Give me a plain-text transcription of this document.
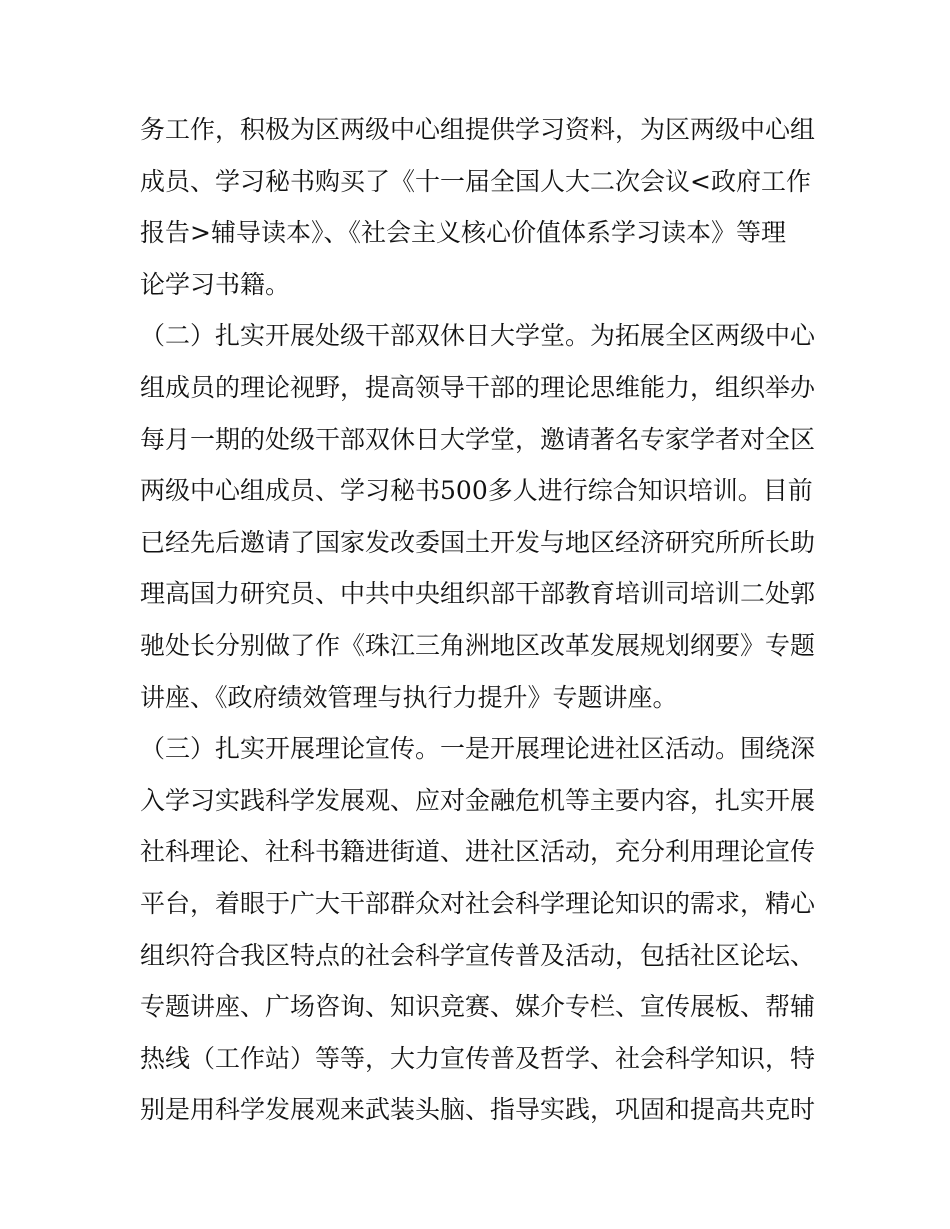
务工作，积极为区两级中心组提供学习资料，为区两级中心组
成员、学习秘书购买了《十一届全国人大二次会议<政府工作
报告>辅导读本》、《社会主义核心价值体系学习读本》等理
论学习书籍。
（二）扎实开展处级干部双休日大学堂。为拓展全区两级中心
组成员的理论视野，提高领导干部的理论思维能力，组织举办
每月一期的处级干部双休日大学堂，邀请著名专家学者对全区
两级中心组成员、学习秘书500多人进行综合知识培训。目前
已经先后邀请了国家发改委国土开发与地区经济研究所所长助
理高国力研究员、中共中央组织部干部教育培训司培训二处郭
驰处长分别做了作《珠江三角洲地区改革发展规划纲要》专题
讲座、《政府绩效管理与执行力提升》专题讲座。
（三）扎实开展理论宣传。一是开展理论进社区活动。围绕深
入学习实践科学发展观、应对金融危机等主要内容，扎实开展
社科理论、社科书籍进街道、进社区活动，充分利用理论宣传
平台，着眼于广大干部群众对社会科学理论知识的需求，精心
组织符合我区特点的社会科学宣传普及活动，包括社区论坛、
专题讲座、广场咨询、知识竞赛、媒介专栏、宣传展板、帮辅
热线（工作站）等等，大力宣传普及哲学、社会科学知识，特
别是用科学发展观来武装头脑、指导实践，巩固和提高共克时
